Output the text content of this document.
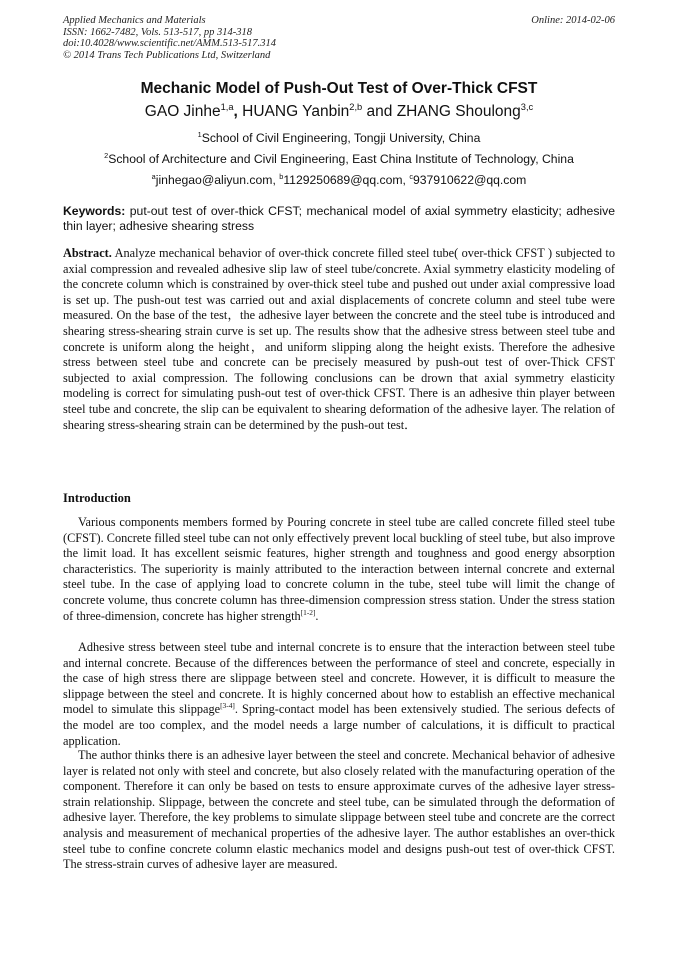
Applied Mechanics and Materials
ISSN: 1662-7482, Vols. 513-517, pp 314-318
doi:10.4028/www.scientific.net/AMM.513-517.314
© 2014 Trans Tech Publications Ltd, Switzerland
Online: 2014-02-06
Mechanic Model of Push-Out Test of Over-Thick CFST
GAO Jinhe$^{1,a}$, HUANG Yanbin$^{2,b}$ and ZHANG Shoulong$^{3,c}$
$^1$School of Civil Engineering, Tongji University, China
$^2$School of Architecture and Civil Engineering, East China Institute of Technology, China
$^a$jinhegao@aliyun.com, $^b$1129250689@qq.com, $^c$937910622@qq.com
Keywords: put-out test of over-thick CFST; mechanical model of axial symmetry elasticity; adhesive thin layer; adhesive shearing stress

Abstract. Analyze mechanical behavior of over-thick concrete filled steel tube( over-thick CFST ) subjected to axial compression and revealed adhesive slip law of steel tube/concrete. Axial symmetry elasticity modeling of the concrete column which is constrained by over-thick steel tube and pushed out under axial compressive load is set up. The push-out test was carried out and axial displacements of concrete column and steel tube were measured. On the base of the test，the adhesive layer between the concrete and the steel tube is introduced and shearing stress-shearing strain curve is set up. The results show that the adhesive stress between steel tube and concrete is uniform along the height，and uniform slipping along the height exists. Therefore the adhesive stress between steel tube and concrete can be precisely measured by push-out test of over-Thick CFST subjected to axial compression. The following conclusions can be drown that axial symmetry elasticity modeling is correct for simulating push-out test of over-thick CFST. There is an adhesive thin player between steel tube and concrete, the slip can be equivalent to shearing deformation of the adhesive layer. The relation of shearing stress-shearing strain can be determined by the push-out test．

Introduction

Various components members formed by Pouring concrete in steel tube are called concrete filled steel tube (CFST). Concrete filled steel tube can not only effectively prevent local buckling of steel tube, but also improve the limit load. It has excellent seismic features, higher strength and toughness and good energy absorption characteristics. The superiority is mainly attributed to the interaction between internal concrete and external steel tube. In the case of applying load to concrete column in the tube, steel tube will limit the change of concrete volume, thus concrete column has three-dimension compression stress station. Under the stress station of three-dimension, concrete has higher strength[1-2].

Adhesive stress between steel tube and internal concrete is to ensure that the interaction between steel tube and internal concrete. Because of the differences between the performance of steel and concrete, especially in the case of high stress there are slippage between steel and concrete. However, it is difficult to measure the slippage between the steel and concrete. It is highly concerned about how to establish an effective mechanical model to simulate this slippage[3-4]. Spring-contact model has been extensively studied. The serious defects of the model are too complex, and the model needs a large number of calculations, it is difficult to practical application.

The author thinks there is an adhesive layer between the steel and concrete. Mechanical behavior of adhesive layer is related not only with steel and concrete, but also closely related with the manufacturing operation of the component. Therefore it can only be based on tests to ensure approximate curves of the adhesive layer stress-strain relationship. Slippage, between the concrete and steel tube, can be simulated through the deformation of adhesive layer. Therefore, the key problems to simulate slippage between steel tube and concrete are the correct analysis and measurement of mechanical properties of the adhesive layer. The author establishes an over-thick steel tube to confine concrete column elastic mechanics model and designs push-out test of over-thick CFST. The stress-strain curves of adhesive layer are measured.
